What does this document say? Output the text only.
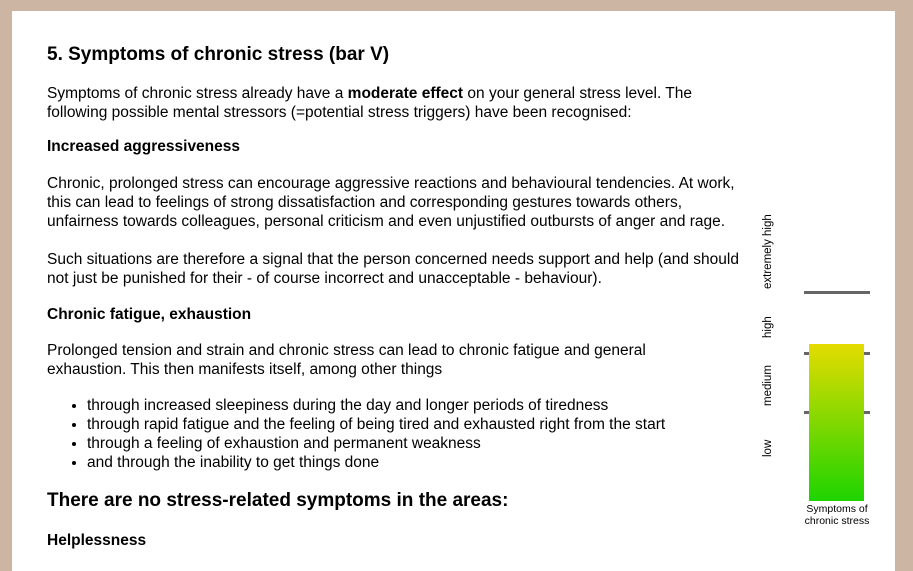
5. Symptoms of chronic stress (bar V)

Symptoms of chronic stress already have a moderate effect on your general stress level. The following possible mental stressors (=potential stress triggers) have been recognised:

Increased aggressiveness

Chronic, prolonged stress can encourage aggressive reactions and behavioural tendencies. At work, this can lead to feelings of strong dissatisfaction and corresponding gestures towards others, unfairness towards colleagues, personal criticism and even unjustified outbursts of anger and rage.

Such situations are therefore a signal that the person concerned needs support and help (and should not just be punished for their - of course incorrect and unacceptable - behaviour).

Chronic fatigue, exhaustion

Prolonged tension and strain and chronic stress can lead to chronic fatigue and general exhaustion. This then manifests itself, among other things

• through increased sleepiness during the day and longer periods of tiredness
• through rapid fatigue and the feeling of being tired and exhausted right from the start
• through a feeling of exhaustion and permanent weakness
• and through the inability to get things done
There are no stress-related symptoms in the areas:
Helplessness
extremely high
high
medium
low
Symptoms of chronic stress
